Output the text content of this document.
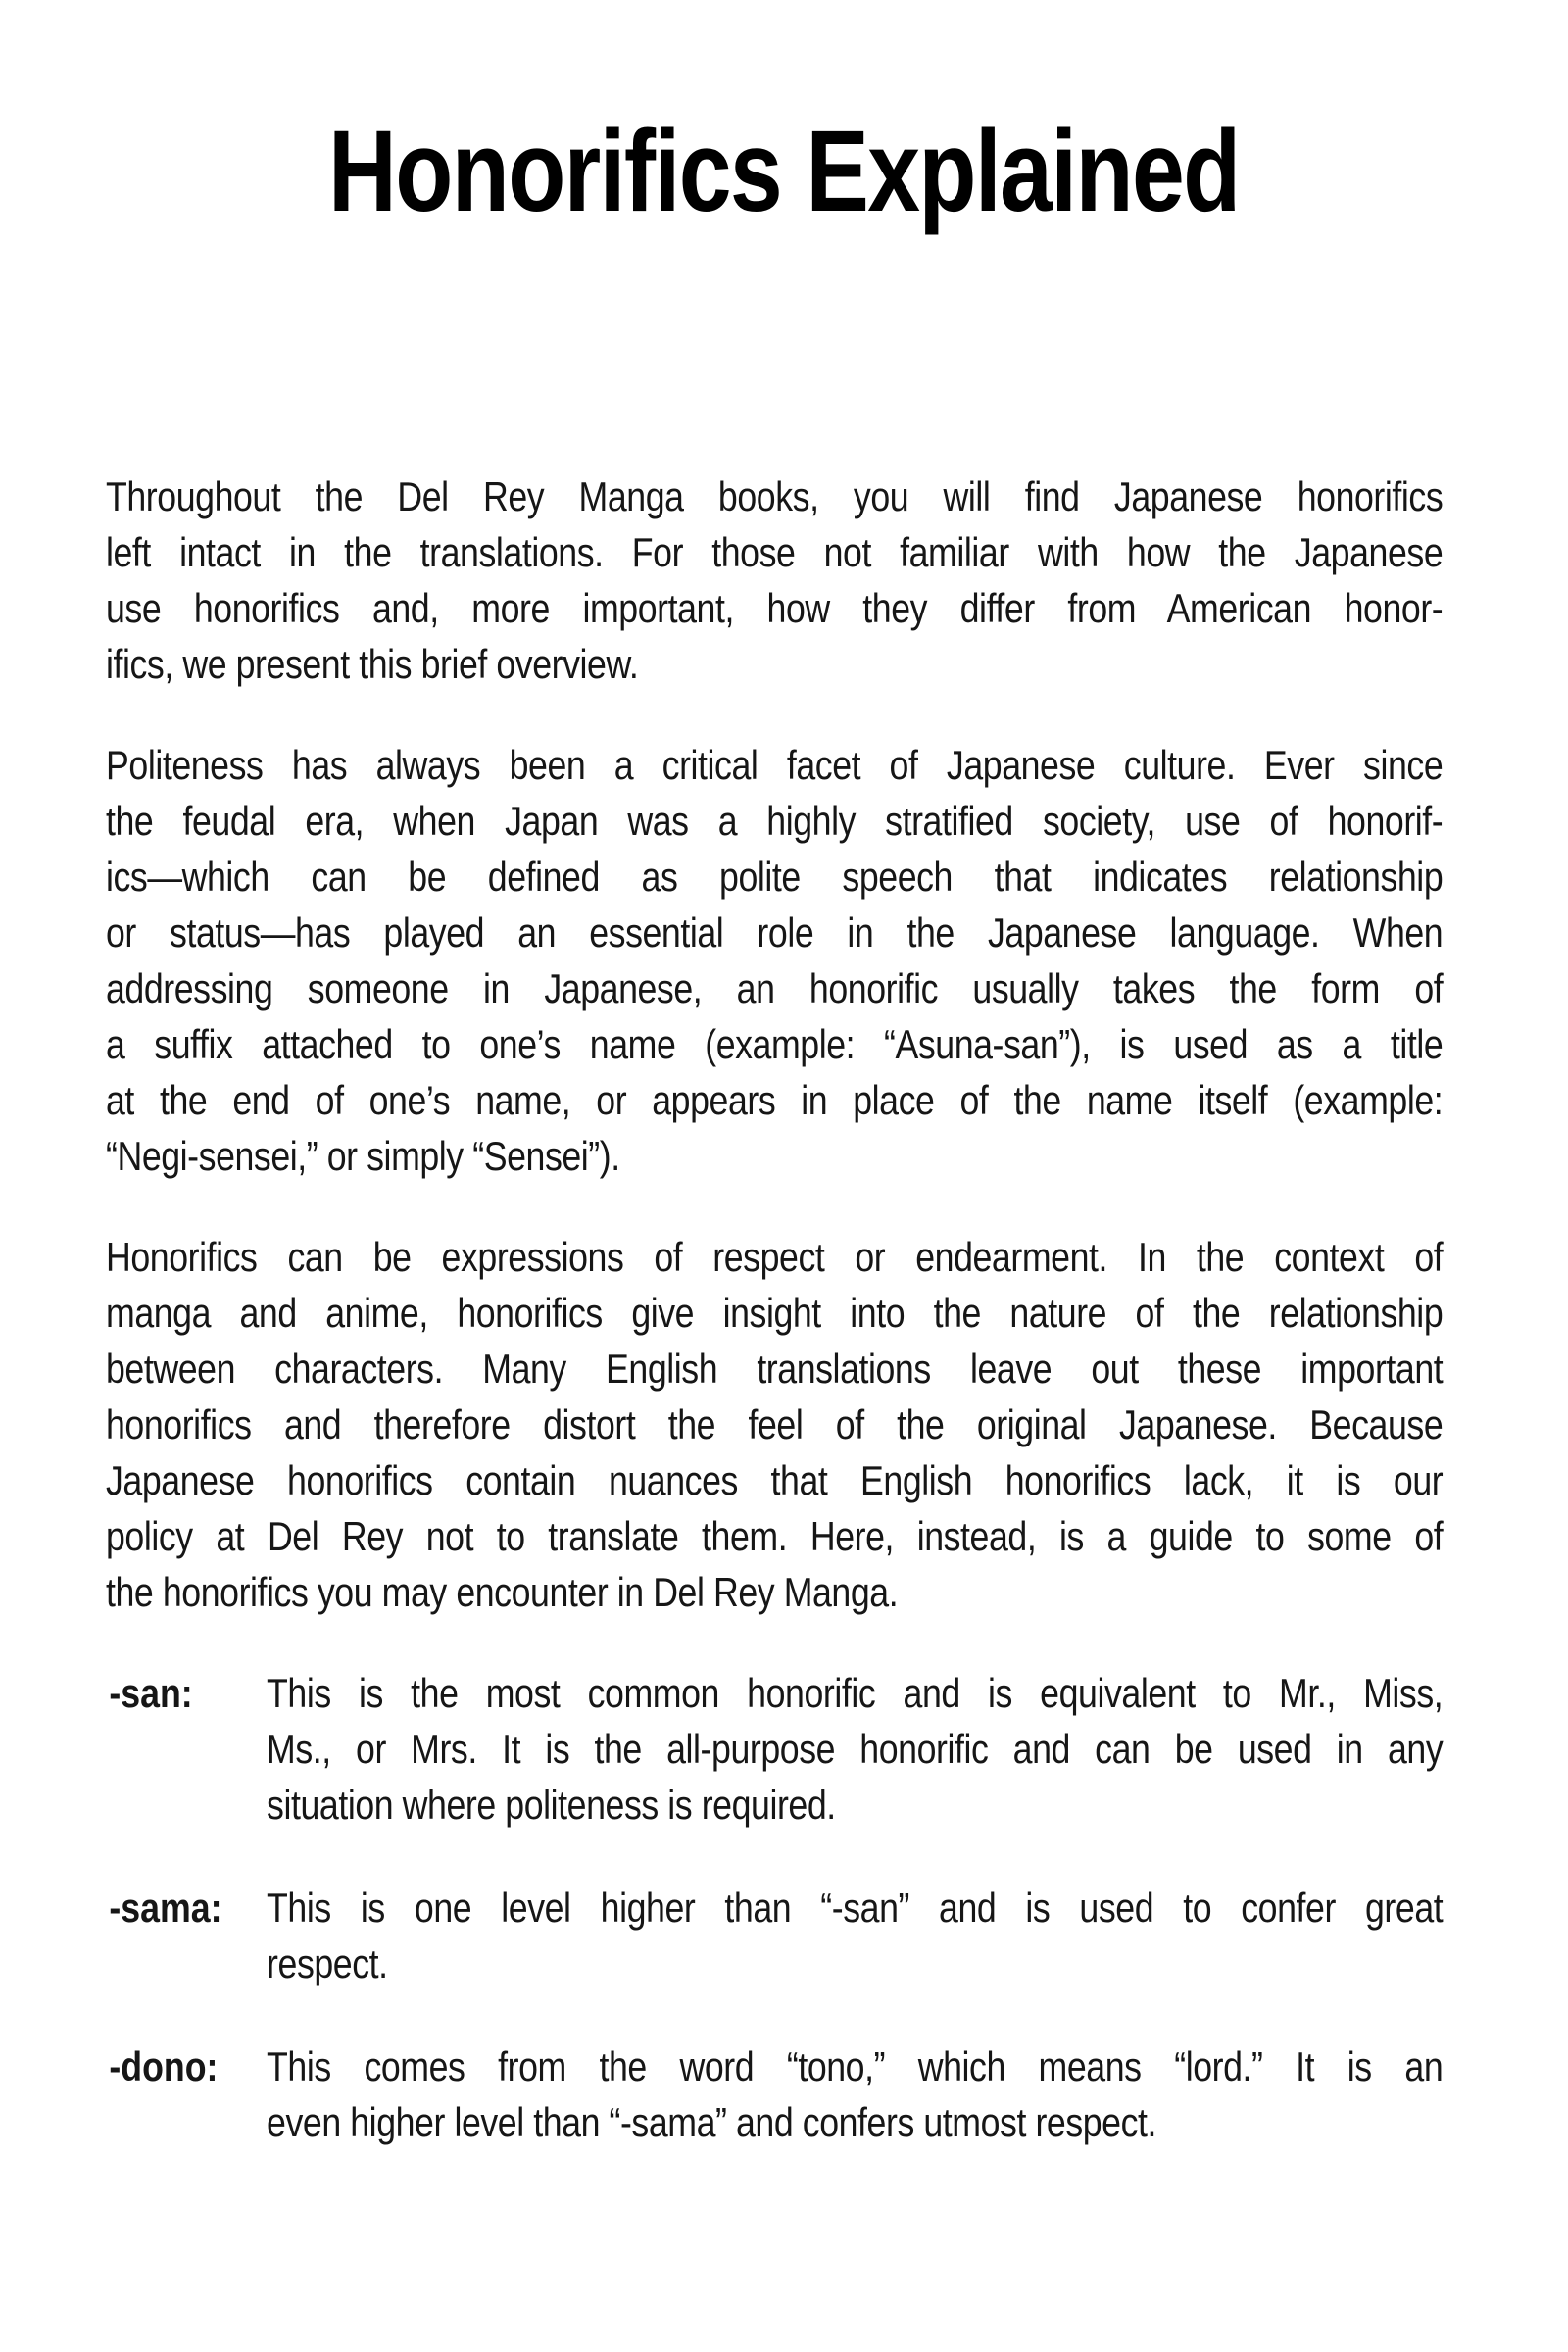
Honorifics Explained
Throughout the Del Rey Manga books, you will find Japanese honorifics
left intact in the translations. For those not familiar with how the Japanese
use honorifics and, more important, how they differ from American honor-
ifics, we present this brief overview.
Politeness has always been a critical facet of Japanese culture. Ever since
the feudal era, when Japan was a highly stratified society, use of honorif-
ics—which can be defined as polite speech that indicates relationship
or status—has played an essential role in the Japanese language. When
addressing someone in Japanese, an honorific usually takes the form of
a suffix attached to one’s name (example: “Asuna-san”), is used as a title
at the end of one’s name, or appears in place of the name itself (example:
“Negi-sensei,” or simply “Sensei”).
Honorifics can be expressions of respect or endearment. In the context of
manga and anime, honorifics give insight into the nature of the relationship
between characters. Many English translations leave out these important
honorifics and therefore distort the feel of the original Japanese. Because
Japanese honorifics contain nuances that English honorifics lack, it is our
policy at Del Rey not to translate them. Here, instead, is a guide to some of
the honorifics you may encounter in Del Rey Manga.
-san: This is the most common honorific and is equivalent to Mr., Miss,
Ms., or Mrs. It is the all-purpose honorific and can be used in any
situation where politeness is required.
-sama: This is one level higher than “-san” and is used to confer great
respect.
-dono: This comes from the word “tono,” which means “lord.” It is an
even higher level than “-sama” and confers utmost respect.
